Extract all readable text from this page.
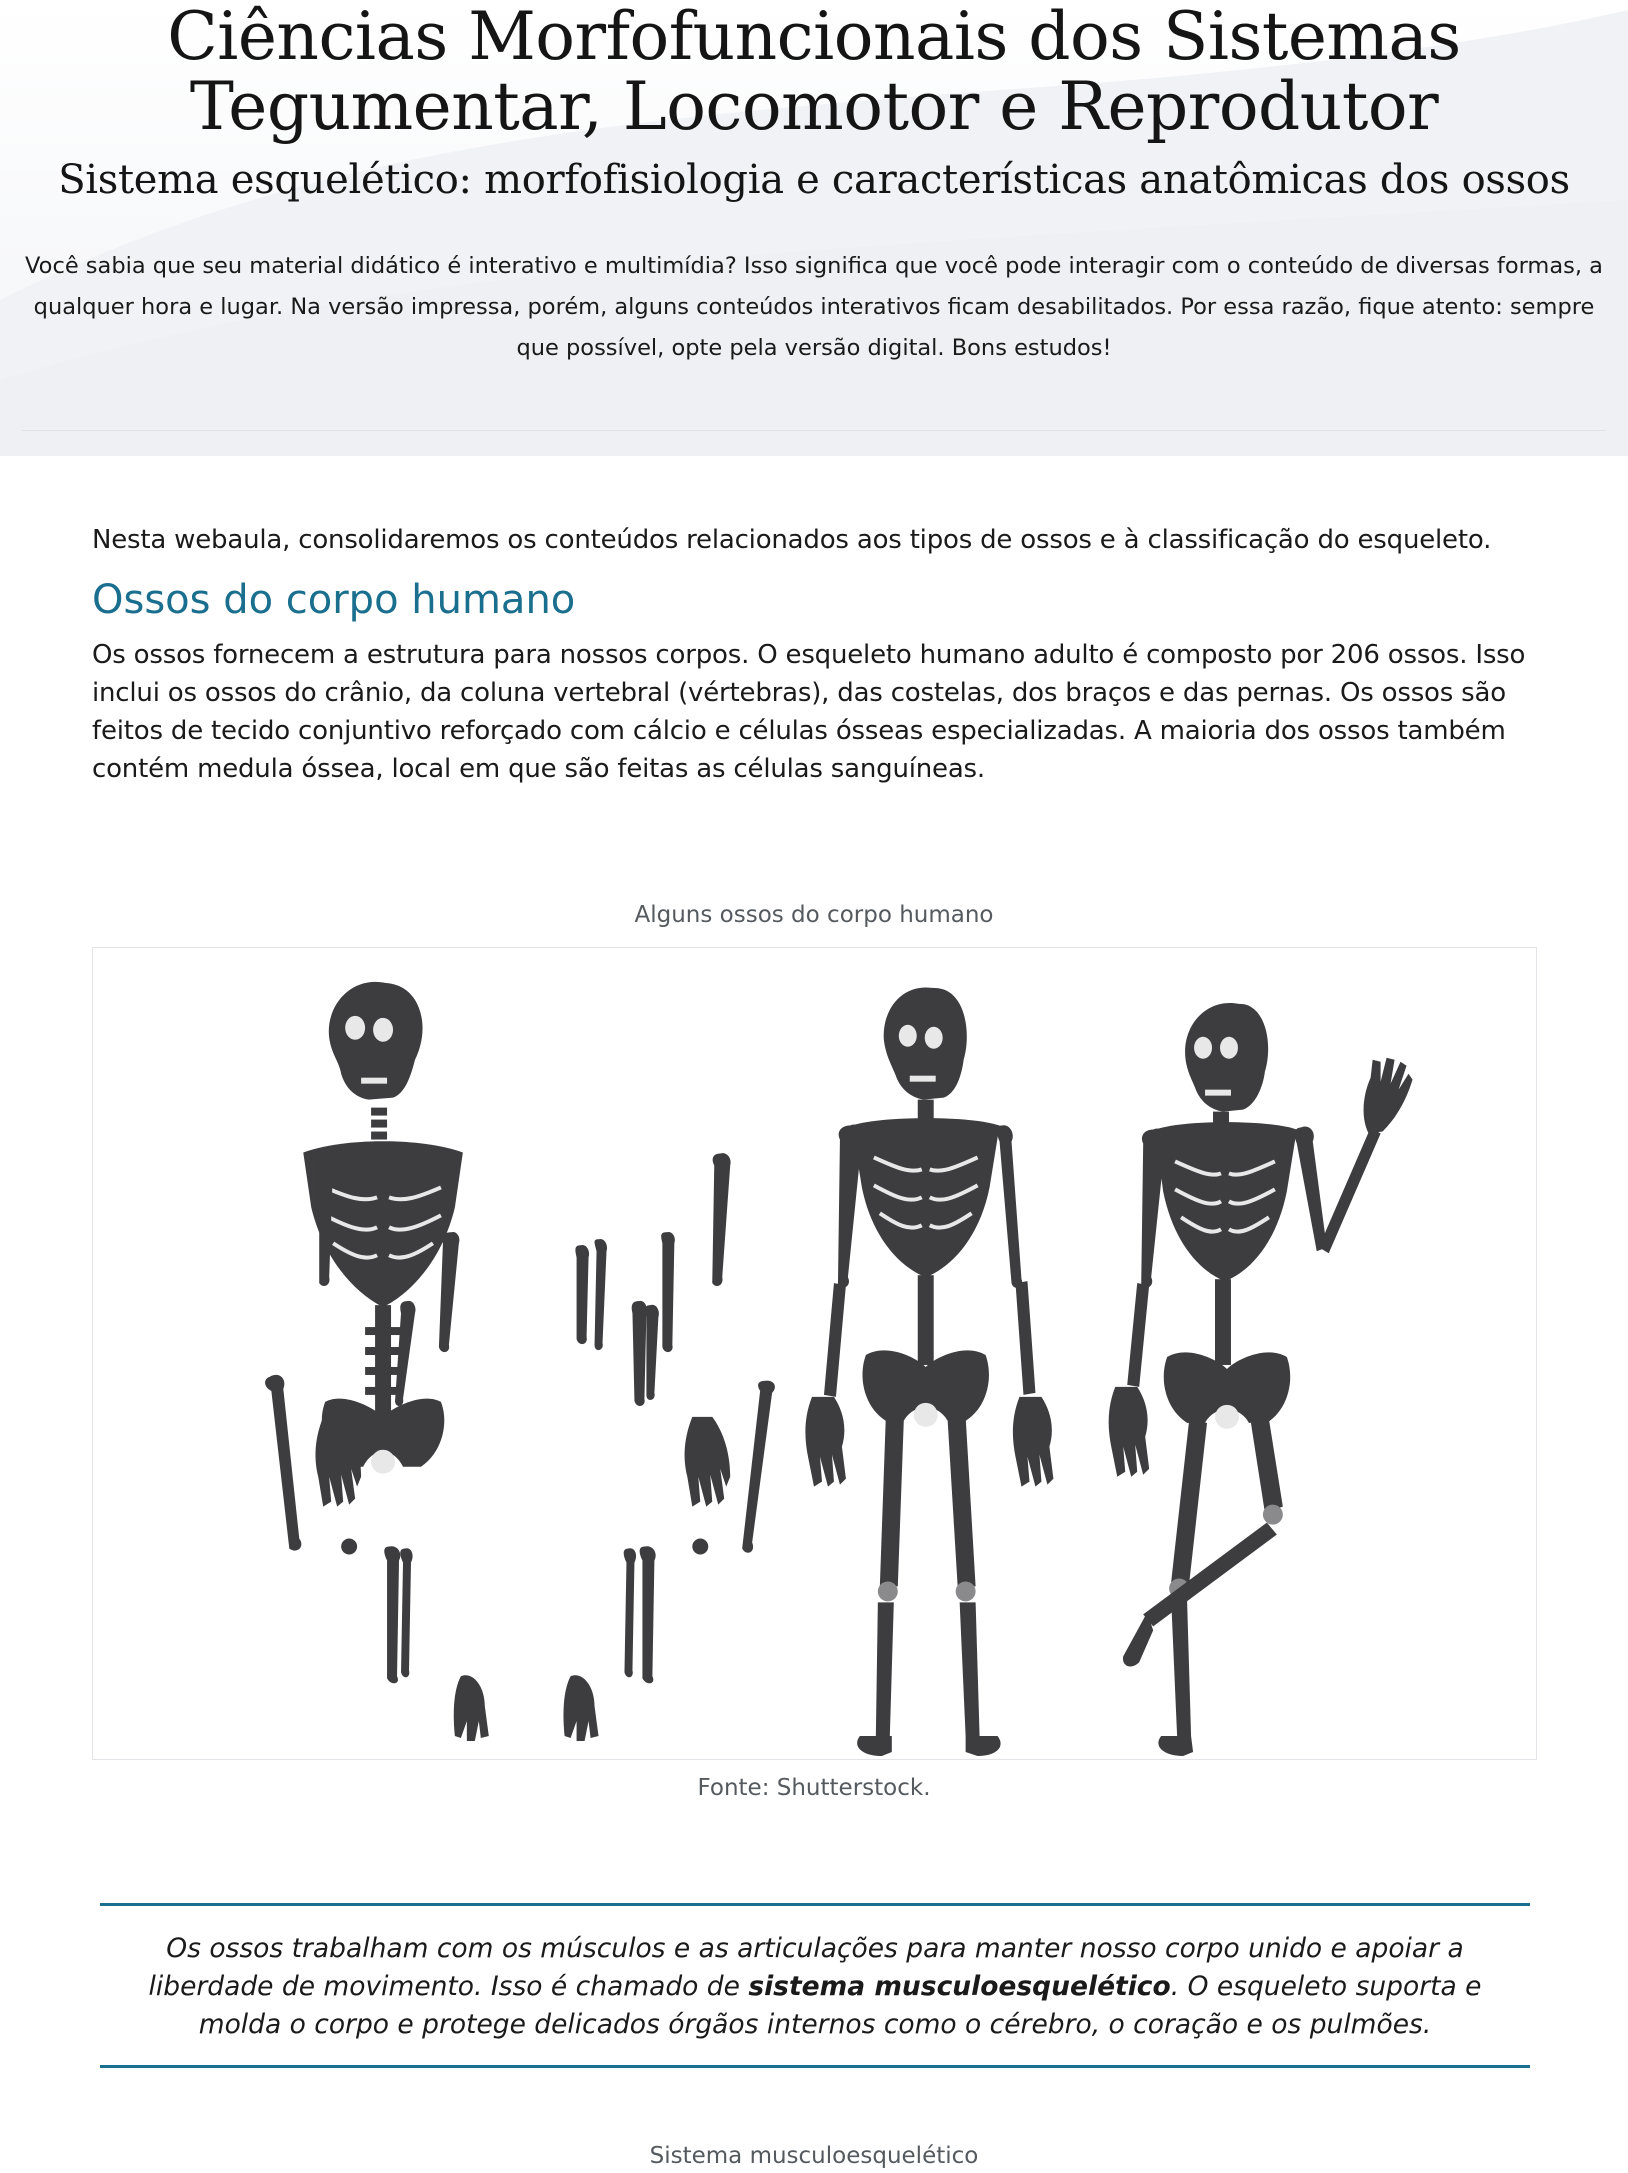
Ciências Morfofuncionais dos Sistemas
Tegumentar, Locomotor e Reprodutor
Sistema esquelético: morfofisiologia e características anatômicas dos ossos

Você sabia que seu material didático é interativo e multimídia? Isso significa que você pode interagir com o conteúdo de diversas formas, a qualquer hora e lugar. Na versão impressa, porém, alguns conteúdos interativos ficam desabilitados. Por essa razão, fique atento: sempre que possível, opte pela versão digital. Bons estudos!

Nesta webaula, consolidaremos os conteúdos relacionados aos tipos de ossos e à classificação do esqueleto.

Ossos do corpo humano

Os ossos fornecem a estrutura para nossos corpos. O esqueleto humano adulto é composto por 206 ossos. Isso inclui os ossos do crânio, da coluna vertebral (vértebras), das costelas, dos braços e das pernas. Os ossos são feitos de tecido conjuntivo reforçado com cálcio e células ósseas especializadas. A maioria dos ossos também contém medula óssea, local em que são feitas as células sanguíneas.

Alguns ossos do corpo humano
Fonte: Shutterstock.
Os ossos trabalham com os músculos e as articulações para manter nosso corpo unido e apoiar a liberdade de movimento. Isso é chamado de sistema musculoesquelético. O esqueleto suporta e molda o corpo e protege delicados órgãos internos como o cérebro, o coração e os pulmões.
Sistema musculoesquelético
